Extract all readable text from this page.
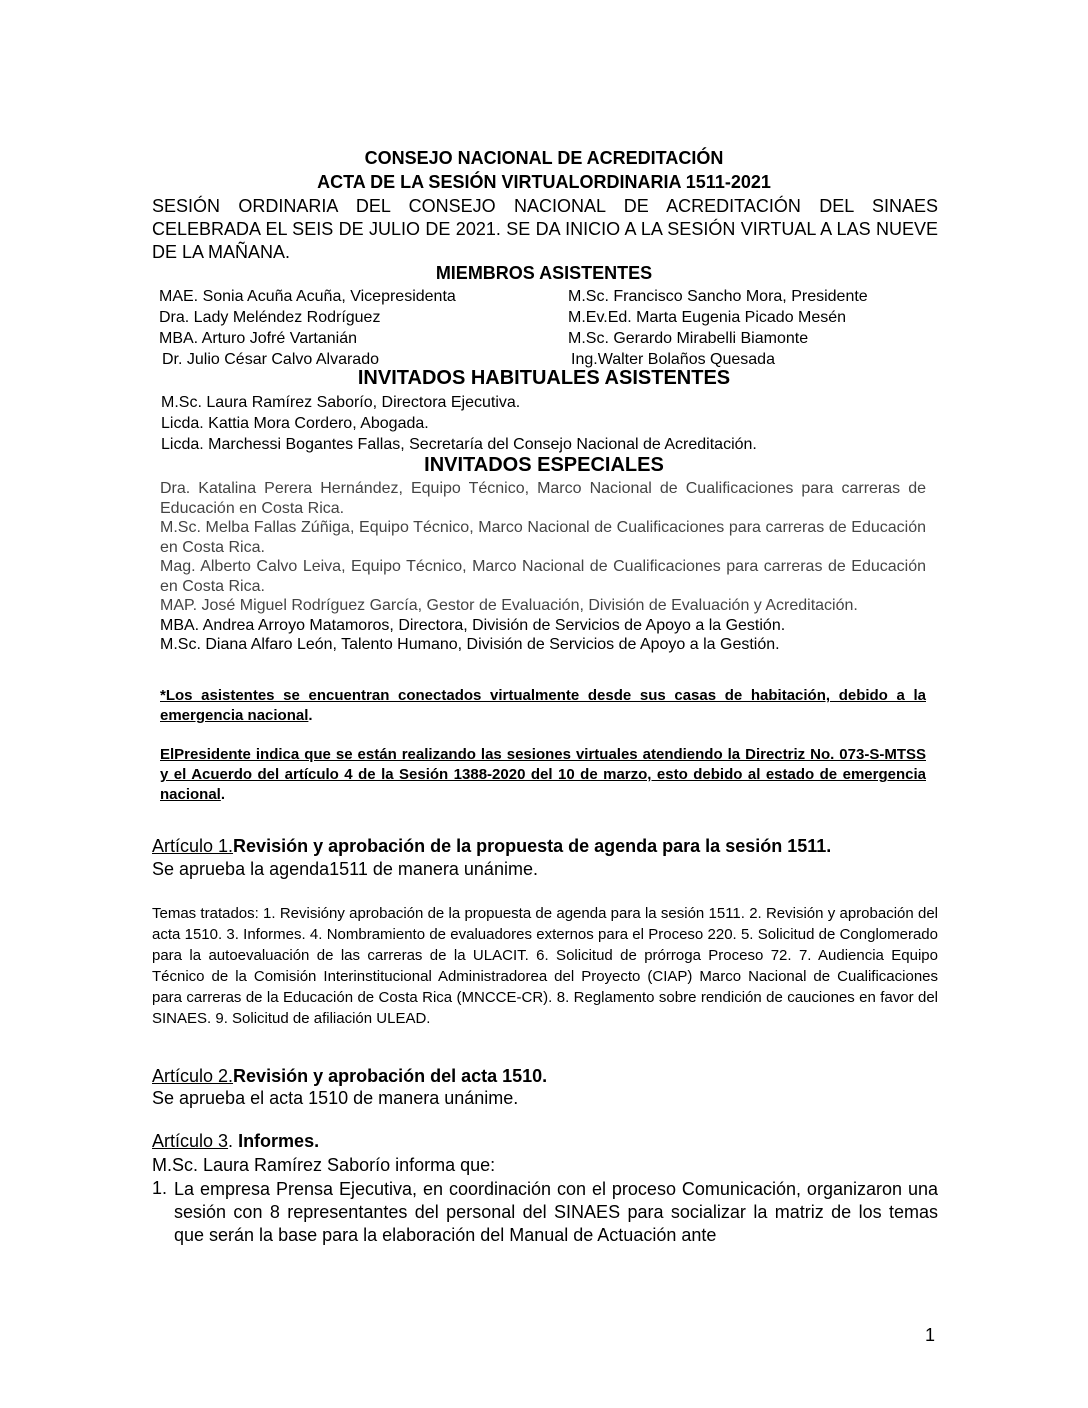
CONSEJO NACIONAL DE ACREDITACIÓN
ACTA DE LA SESIÓN VIRTUALORDINARIA 1511-2021
SESIÓN ORDINARIA DEL CONSEJO NACIONAL DE ACREDITACIÓN DEL SINAES CELEBRADA EL SEIS DE JULIO DE 2021. SE DA INICIO A LA SESIÓN VIRTUAL A LAS NUEVE DE LA MAÑANA.
MIEMBROS ASISTENTES
MAE. Sonia Acuña Acuña, Vicepresidenta
Dra. Lady Meléndez Rodríguez
MBA. Arturo Jofré Vartanián
Dr. Julio César Calvo Alvarado
M.Sc. Francisco Sancho Mora, Presidente
M.Ev.Ed. Marta Eugenia Picado Mesén
M.Sc. Gerardo Mirabelli Biamonte
Ing.Walter Bolaños Quesada
INVITADOS HABITUALES ASISTENTES
M.Sc. Laura Ramírez Saborío, Directora Ejecutiva.
Licda. Kattia Mora Cordero, Abogada.
Licda. Marchessi Bogantes Fallas, Secretaría del Consejo Nacional de Acreditación.
INVITADOS ESPECIALES
Dra. Katalina Perera Hernández, Equipo Técnico, Marco Nacional de Cualificaciones para carreras de Educación en Costa Rica.
M.Sc. Melba Fallas Zúñiga, Equipo Técnico, Marco Nacional de Cualificaciones para carreras de Educación en Costa Rica.
Mag. Alberto Calvo Leiva, Equipo Técnico, Marco Nacional de Cualificaciones para carreras de Educación en Costa Rica.
MAP. José Miguel Rodríguez García, Gestor de Evaluación, División de Evaluación y Acreditación.
MBA. Andrea Arroyo Matamoros, Directora, División de Servicios de Apoyo a la Gestión.
M.Sc. Diana Alfaro León, Talento Humano, División de Servicios de Apoyo a la Gestión.
*Los asistentes se encuentran conectados virtualmente desde sus casas de habitación, debido a la emergencia nacional.
ElPresidente indica que se están realizando las sesiones virtuales atendiendo la Directriz No. 073-S-MTSS y el Acuerdo del artículo 4 de la Sesión 1388-2020 del 10 de marzo, esto debido al estado de emergencia nacional.
Artículo 1.Revisión y aprobación de la propuesta de agenda para la sesión 1511.
Se aprueba la agenda1511 de manera unánime.
Temas tratados: 1. Revisióny aprobación de la propuesta de agenda para la sesión 1511. 2. Revisión y aprobación del acta 1510. 3. Informes. 4. Nombramiento de evaluadores externos para el Proceso 220. 5. Solicitud de Conglomerado para la autoevaluación de las carreras de la ULACIT. 6. Solicitud de prórroga Proceso 72. 7. Audiencia Equipo Técnico de la Comisión Interinstitucional Administradorea del Proyecto (CIAP) Marco Nacional de Cualificaciones para carreras de la Educación de Costa Rica (MNCCE-CR). 8. Reglamento sobre rendición de cauciones en favor del SINAES. 9. Solicitud de afiliación ULEAD.
Artículo 2.Revisión y aprobación del acta 1510.
Se aprueba el acta 1510 de manera unánime.
Artículo 3. Informes.
M.Sc. Laura Ramírez Saborío informa que:
1. La empresa Prensa Ejecutiva, en coordinación con el proceso Comunicación, organizaron una sesión con 8 representantes del personal del SINAES para socializar la matriz de los temas que serán la base para la elaboración del Manual de Actuación ante
1
